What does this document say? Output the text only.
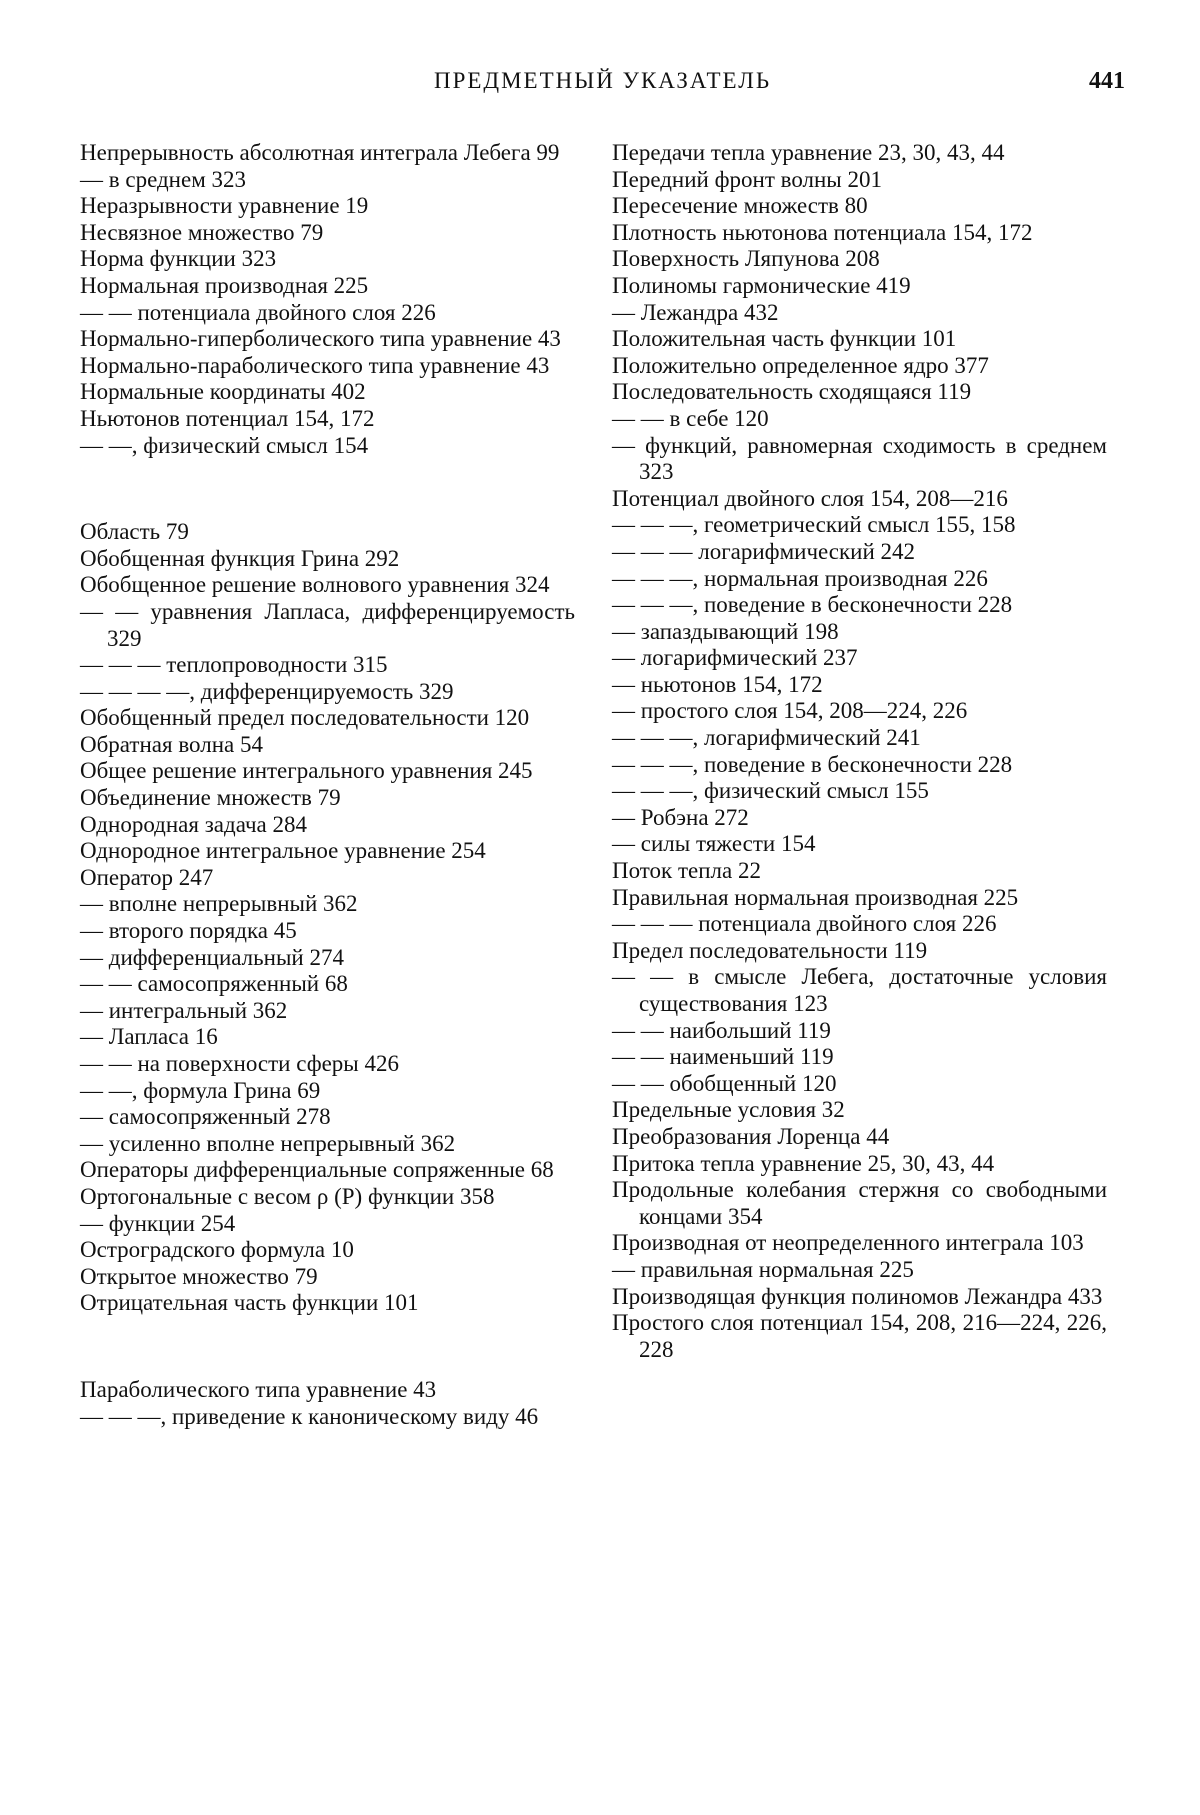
ПРЕДМЕТНЫЙ УКАЗАТЕЛЬ	441

Непрерывность абсолютная интеграла Лебега 99

— в среднем 323

Неразрывности уравнение 19

Несвязное множество 79

Норма функции 323

Нормальная производная 225

— — потенциала двойного слоя 226

Нормально-гиперболического типа уравнение 43

Нормально-параболического типа уравнение 43

Нормальные координаты 402

Ньютонов потенциал 154, 172

— —, физический смысл 154

Область 79

Обобщенная функция Грина 292

Обобщенное решение волнового уравнения 324

— — уравнения Лапласа, дифференцируемость 329

— — — теплопроводности 315

— — — —, дифференцируемость 329

Обобщенный предел последовательности 120

Обратная волна 54

Общее решение интегрального уравнения 245

Объединение множеств 79

Однородная задача 284

Однородное интегральное уравнение 254

Оператор 247

— вполне непрерывный 362

— второго порядка 45

— дифференциальный 274

— — самосопряженный 68

— интегральный 362

— Лапласа 16

— — на поверхности сферы 426

— —, формула Грина 69

— самосопряженный 278

— усиленно вполне непрерывный 362

Операторы дифференциальные сопряженные 68

Ортогональные с весом ρ (P) функции 358

— функции 254

Остроградского формула 10

Открытое множество 79

Отрицательная часть функции 101

Параболического типа уравнение 43

— — —, приведение к каноническому виду 46

Передачи тепла уравнение 23, 30, 43, 44

Передний фронт волны 201

Пересечение множеств 80

Плотность ньютонова потенциала 154, 172

Поверхность Ляпунова 208

Полиномы гармонические 419

— Лежандра 432

Положительная часть функции 101

Положительно определенное ядро 377

Последовательность сходящаяся 119

— — в себе 120

— функций, равномерная сходимость в среднем 323

Потенциал двойного слоя 154, 208—216

— — —, геометрический смысл 155, 158

— — — логарифмический 242

— — —, нормальная производная 226

— — —, поведение в бесконечности 228

— запаздывающий 198

— логарифмический 237

— ньютонов 154, 172

— простого слоя 154, 208—224, 226

— — —, логарифмический 241

— — —, поведение в бесконечности 228

— — —, физический смысл 155

— Робэна 272

— силы тяжести 154

Поток тепла 22

Правильная нормальная производная 225

— — — потенциала двойного слоя 226

Предел последовательности 119

— — в смысле Лебега, достаточные условия существования 123

— — наибольший 119

— — наименьший 119

— — обобщенный 120

Предельные условия 32

Преобразования Лоренца 44

Притока тепла уравнение 25, 30, 43, 44

Продольные колебания стержня со свободными концами 354

Производная от неопределенного интеграла 103

— правильная нормальная 225

Производящая функция полиномов Лежандра 433

Простого слоя потенциал 154, 208, 216—224, 226, 228
